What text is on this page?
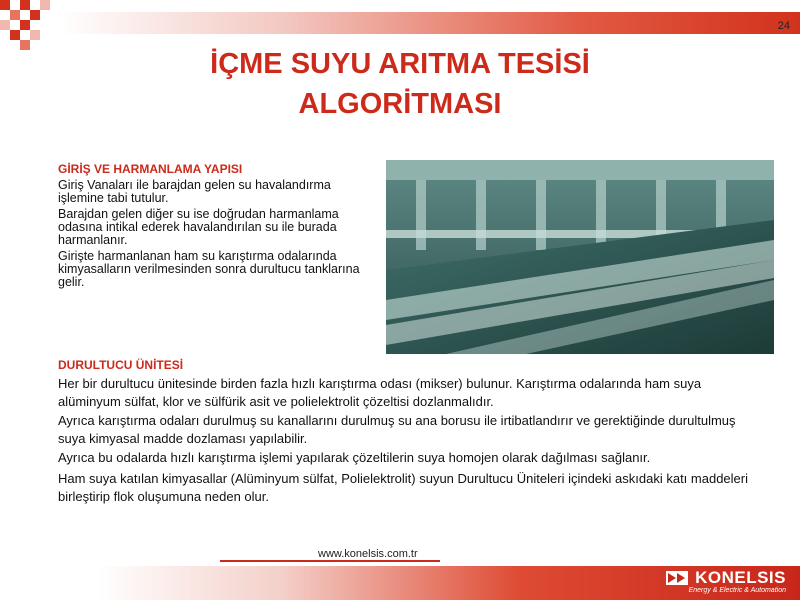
24
İÇME SUYU ARITMA TESİSİ
ALGORİTMASI
GİRİŞ VE HARMANLAMA YAPISI
Giriş Vanaları ile barajdan gelen su havalandırma işlemine tabi tutulur.
Barajdan gelen diğer su ise doğrudan harmanlama odasına intikal ederek havalandırılan su ile burada harmanlanır.
Girişte harmanlanan ham su karıştırma odalarında kimyasalların verilmesinden sonra durultucu tanklarına gelir.
DURULTUCU ÜNİTESİ
Her bir durultucu ünitesinde birden fazla hızlı karıştırma odası (mikser) bulunur. Karıştırma odalarında ham suya alüminyum sülfat, klor ve sülfürik asit ve polielektrolit çözeltisi dozlanmalıdır.
Ayrıca karıştırma odaları durulmuş su kanallarını durulmuş su ana borusu ile irtibatlandırır ve gerektiğinde durultulmuş suya kimyasal madde dozlaması yapılabilir.
Ayrıca bu odalarda hızlı karıştırma işlemi yapılarak çözeltilerin suya homojen olarak dağılması sağlanır.
Ham suya katılan kimyasallar (Alüminyum sülfat, Polielektrolit) suyun Durultucu Üniteleri içindeki askıdaki katı maddeleri birleştirip flok oluşumuna neden olur.
www.konelsis.com.tr
KONELSIS
Energy & Electric & Automation
